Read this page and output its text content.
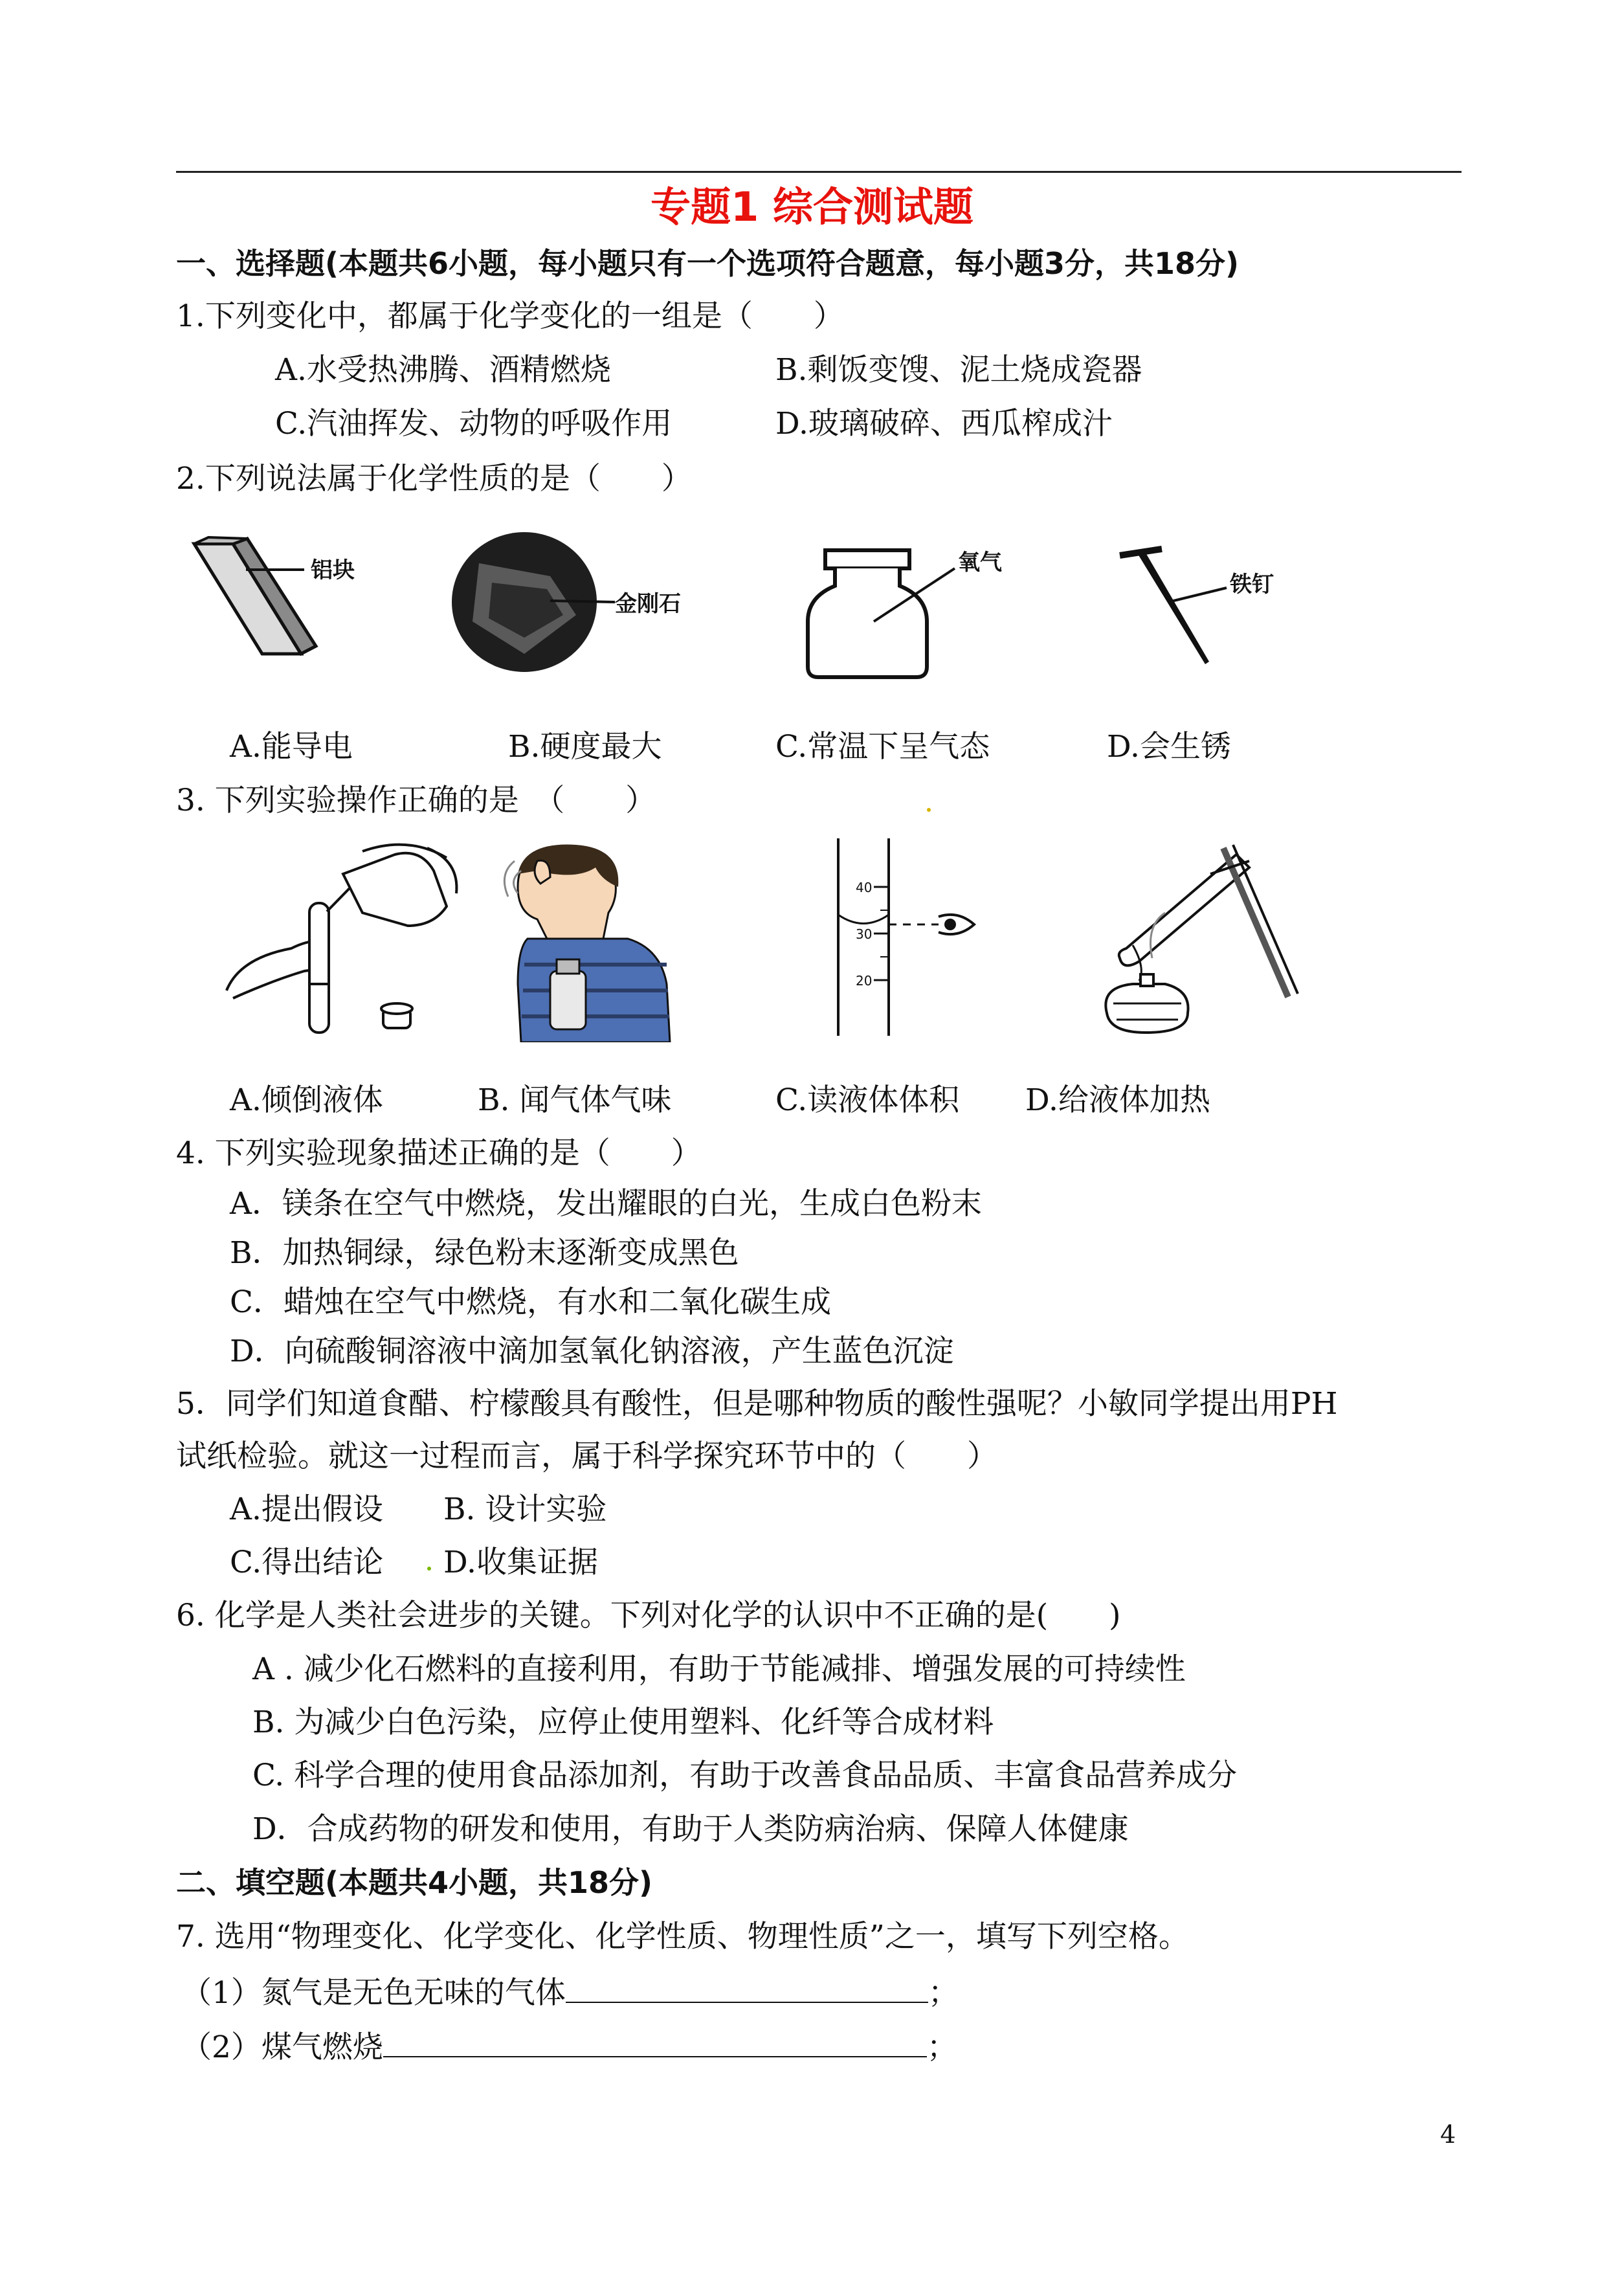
专题1 综合测试题
一、选择题(本题共6小题，每小题只有一个选项符合题意，每小题3分，共18分)
1.下列变化中，都属于化学变化的一组是（　　）
A.水受热沸腾、酒精燃烧	B.剩饭变馊、泥土烧成瓷器
C.汽油挥发、动物的呼吸作用	D.玻璃破碎、西瓜榨成汁
2.下列说法属于化学性质的是（　　）
铝块
金刚石
氧气
铁钉
A.能导电	B.硬度最大	C.常温下呈气态	D.会生锈
3. 下列实验操作正确的是　（　　）
40
30
20
A.倾倒液体	B. 闻气体气味	C.读液体体积 D.给液体加热
4. 下列实验现象描述正确的是（　　）
A．镁条在空气中燃烧，发出耀眼的白光，生成白色粉末
B．加热铜绿，绿色粉末逐渐变成黑色
C．蜡烛在空气中燃烧，有水和二氧化碳生成
D．向硫酸铜溶液中滴加氢氧化钠溶液，产生蓝色沉淀
5．同学们知道食醋、柠檬酸具有酸性，但是哪种物质的酸性强呢？小敏同学提出用PH
试纸检验。就这一过程而言，属于科学探究环节中的（　　）
A.提出假设 B. 设计实验
C.得出结论 D.收集证据
6. 化学是人类社会进步的关键。下列对化学的认识中不正确的是(　　)
A . 减少化石燃料的直接利用，有助于节能减排、增强发展的可持续性
B. 为减少白色污染，应停止使用塑料、化纤等合成材料
C. 科学合理的使用食品添加剂，有助于改善食品品质、丰富食品营养成分
D．合成药物的研发和使用，有助于人类防病治病、保障人体健康
二、填空题(本题共4小题，共18分)
7. 选用“物理变化、化学变化、化学性质、物理性质”之一，填写下列空格。
（1）氮气是无色无味的气体	；
（2）煤气燃烧	；
4
